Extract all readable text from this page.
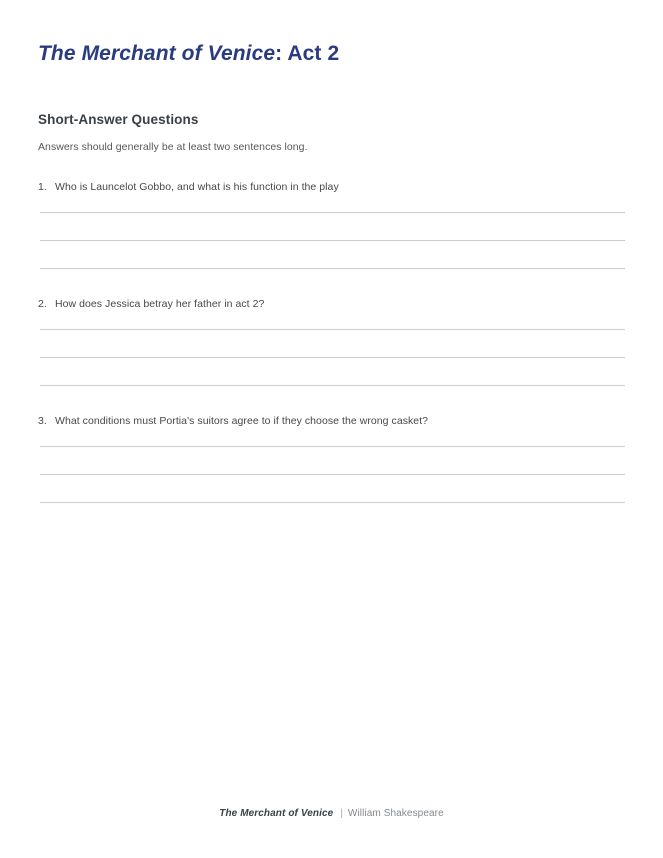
The Merchant of Venice: Act 2
Short-Answer Questions

Answers should generally be at least two sentences long.

1. Who is Launcelot Gobbo, and what is his function in the play
2. How does Jessica betray her father in act 2?
3. What conditions must Portia's suitors agree to if they choose the wrong casket?
The Merchant of Venice | William Shakespeare
